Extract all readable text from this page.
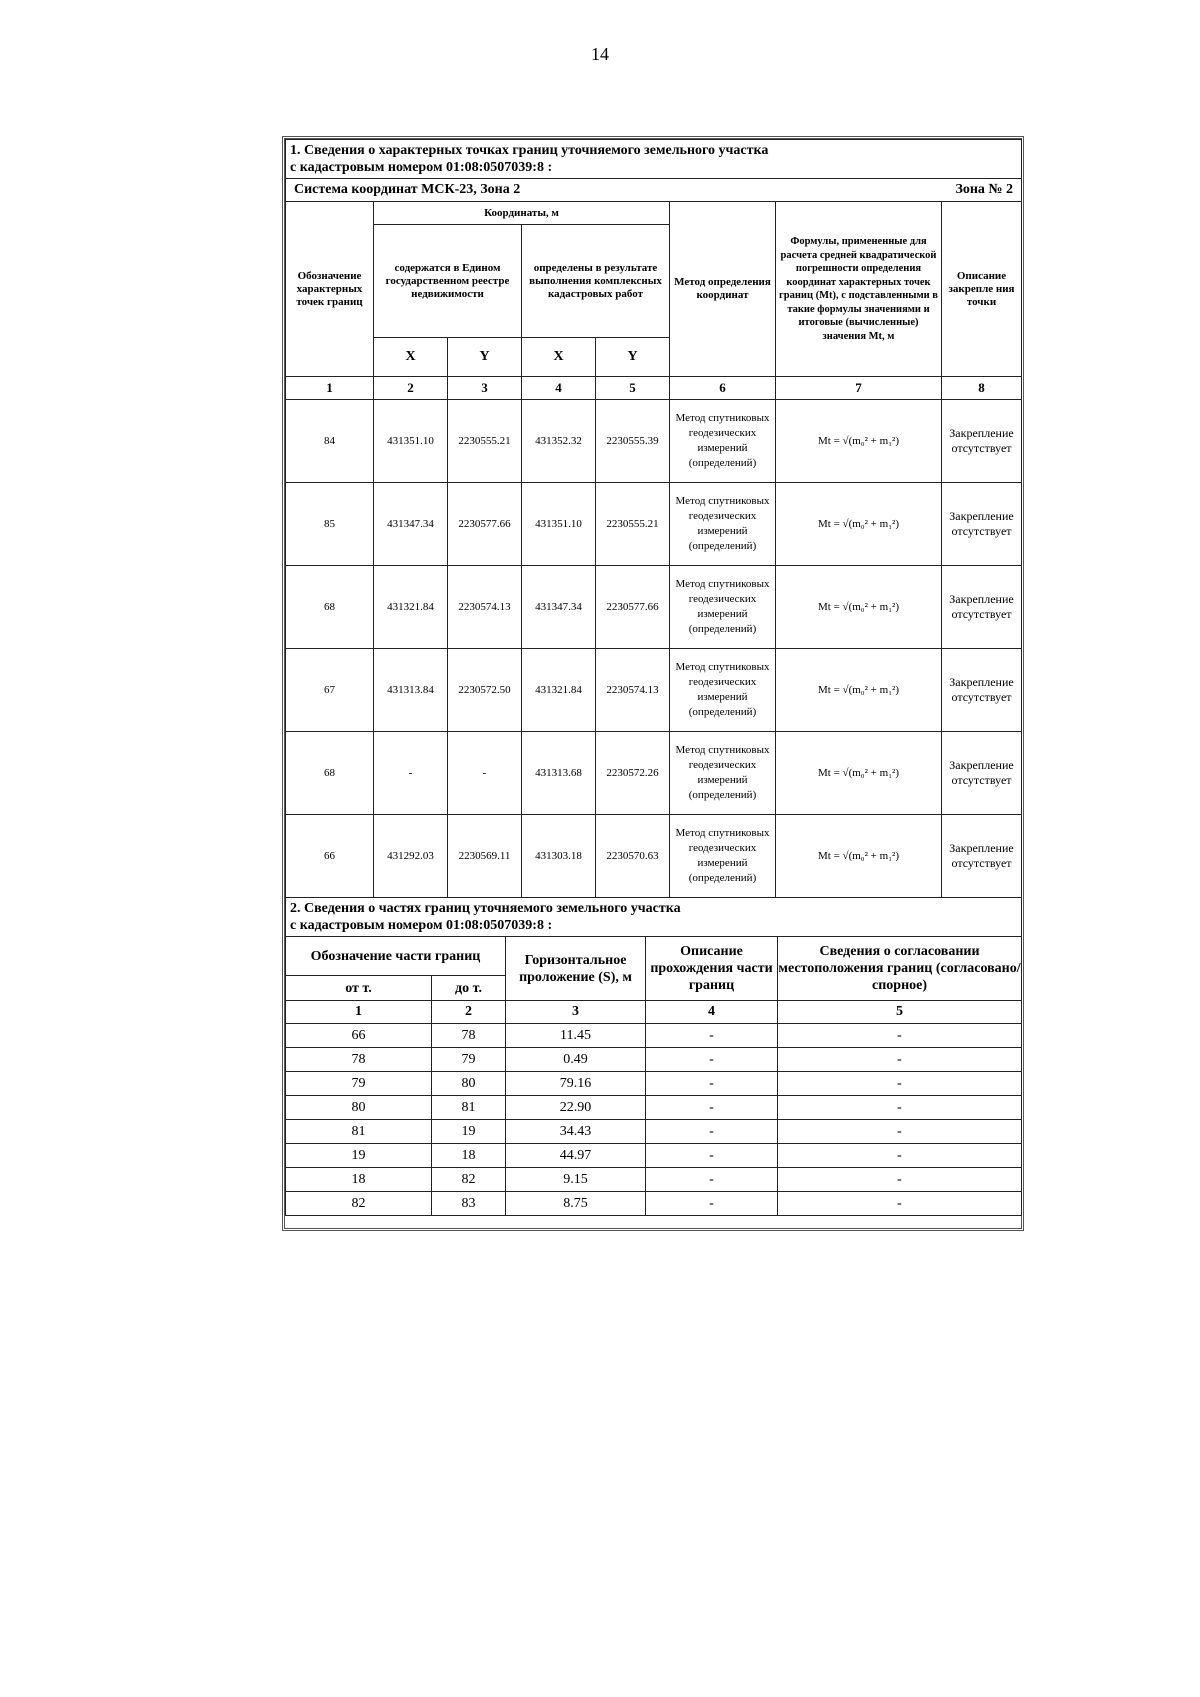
14
1. Сведения о характерных точках границ уточняемого земельного участка
с кадастровым номером 01:08:0507039:8 :							

Система координат МСК-23, Зона 2							Зона № 2
Обозначение характерных точек границ	Координаты, м				Метод определения координат	Формулы, примененные для расчета средней квадратической погрешности определения координат характерных точек границ (Mt), с подставленными в такие формулы значениями и итоговые (вычисленные) значения Mt, м	Описание закрепле ния точки
	содержатся в Едином государственном реестре недвижимости		определены в результате выполнения комплексных кадастровых работ				
	X	Y	X	Y			
1	2	3	4	5	6	7	8
84	431351.10	2230555.21	431352.32	2230555.39	Метод спутниковых геодезических измерений (определений)	Mt = √(m₀² + m₁²)	Закрепление отсутствует
85	431347.34	2230577.66	431351.10	2230555.21	Метод спутниковых геодезических измерений (определений)	Mt = √(m₀² + m₁²)	Закрепление отсутствует
68	431321.84	2230574.13	431347.34	2230577.66	Метод спутниковых геодезических измерений (определений)	Mt = √(m₀² + m₁²)	Закрепление отсутствует
67	431313.84	2230572.50	431321.84	2230574.13	Метод спутниковых геодезических измерений (определений)	Mt = √(m₀² + m₁²)	Закрепление отсутствует
68	-	-	431313.68	2230572.26	Метод спутниковых геодезических измерений (определений)	Mt = √(m₀² + m₁²)	Закрепление отсутствует
66	431292.03	2230569.11	431303.18	2230570.63	Метод спутниковых геодезических измерений (определений)	Mt = √(m₀² + m₁²)	Закрепление отсутствует
2. Сведения о частях границ уточняемого земельного участка
с кадастровым номером 01:08:0507039:8 :				

Обозначение части границ		Горизонтальное проложение (S), м	Описание прохождения части границ	Сведения о согласовании местоположения границ (согласовано/спорное)
от т.	до т.			
1	2	3	4	5
66	78	11.45	-	-
78	79	0.49	-	-
79	80	79.16	-	-
80	81	22.90	-	-
81	19	34.43	-	-
19	18	44.97	-	-
18	82	9.15	-	-
82	83	8.75	-	-
